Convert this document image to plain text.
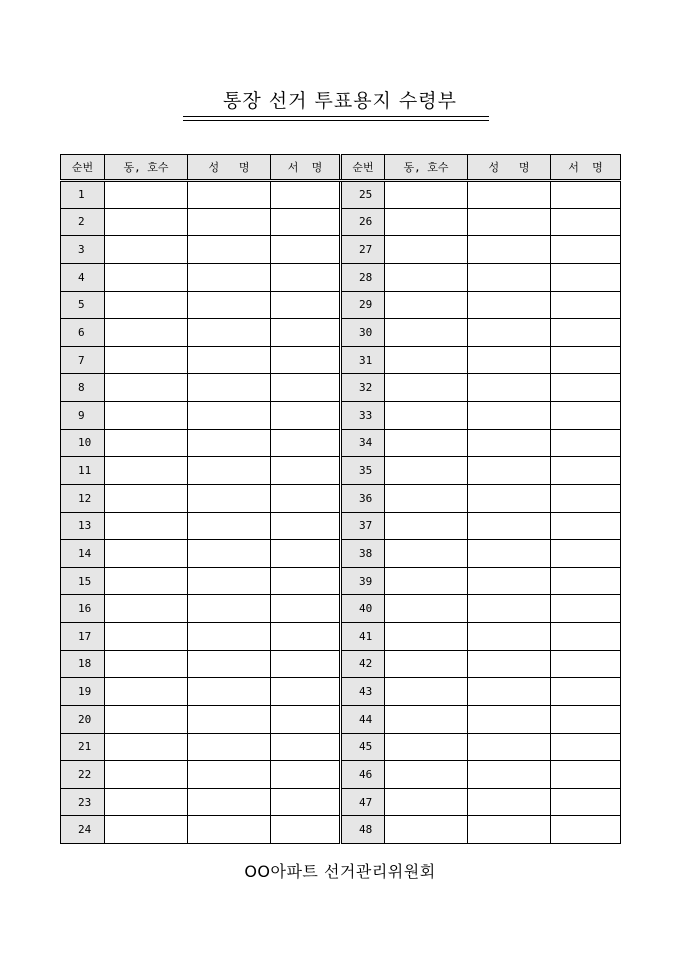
통장 선거 투표용지 수령부
순번	동, 호수	성   명	서  명	순번	동, 호수	성   명	서  명
1				25			
2				26			
3				27			
4				28			
5				29			
6				30			
7				31			
8				32			
9				33			
10				34			
11				35			
12				36			
13				37			
14				38			
15				39			
16				40			
17				41			
18				42			
19				43			
20				44			
21				45			
22				46			
23				47			
24				48			
OO아파트 선거관리위원회
